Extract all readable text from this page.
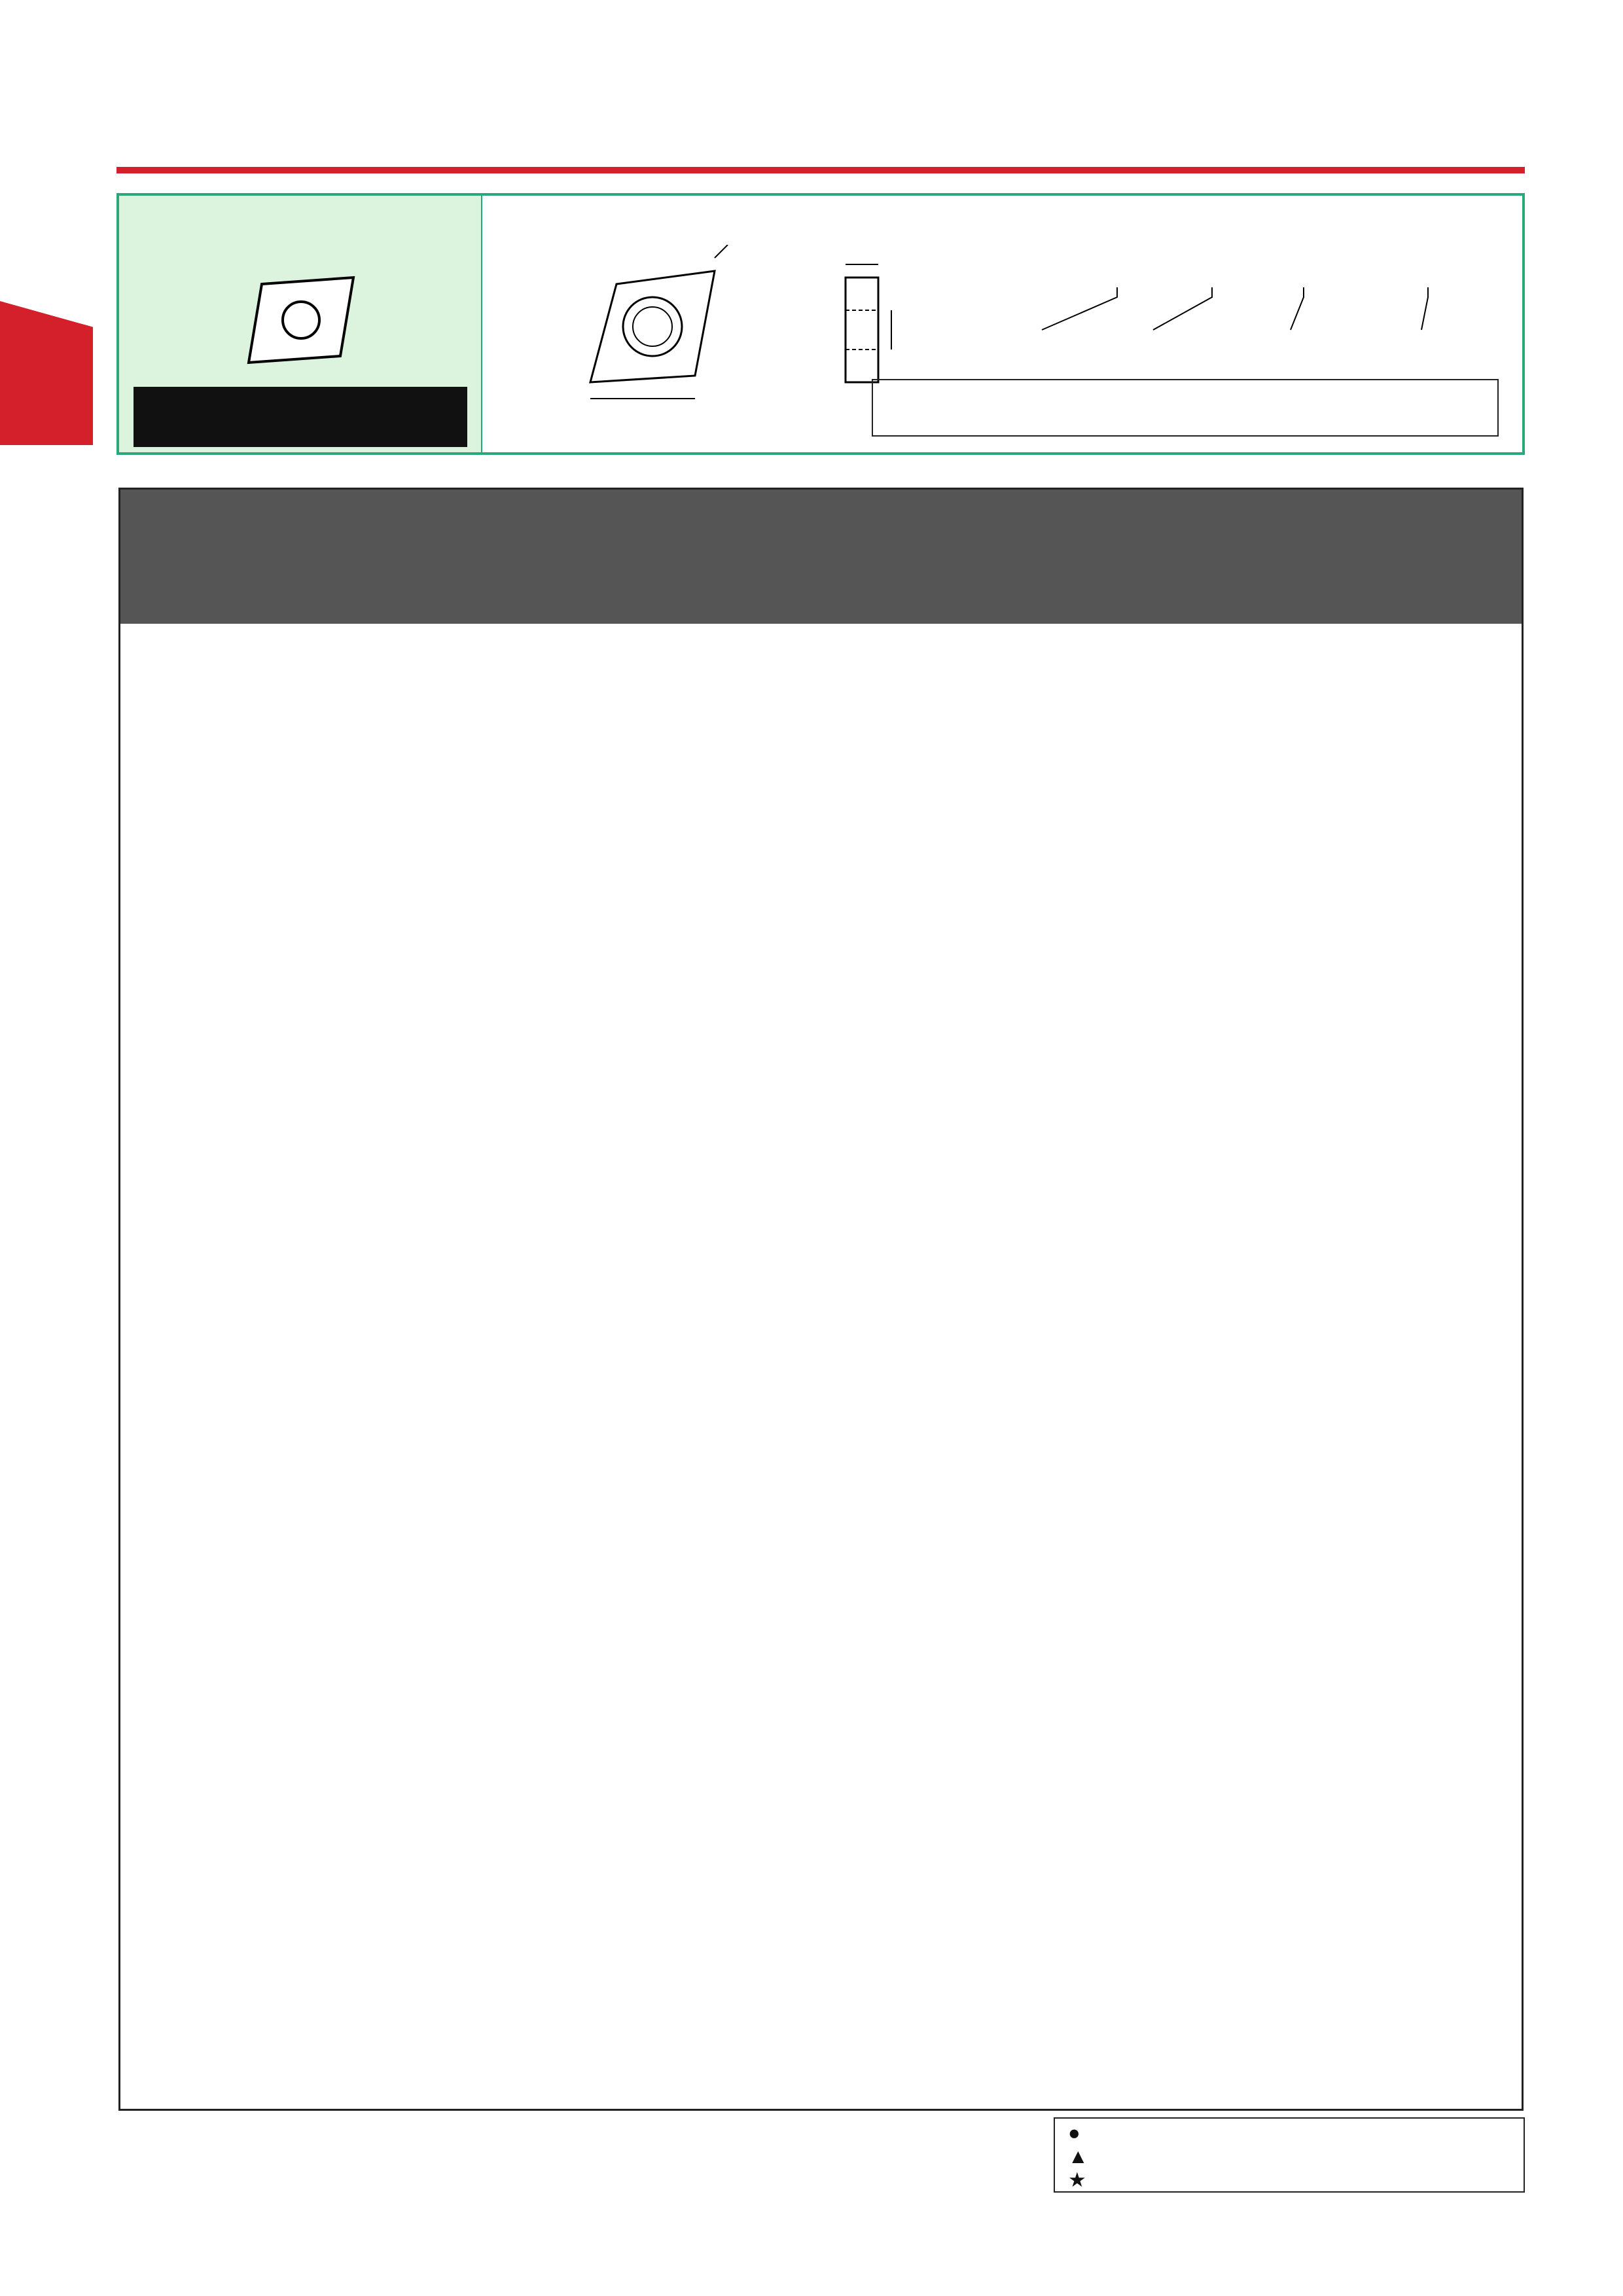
●
▲
★
